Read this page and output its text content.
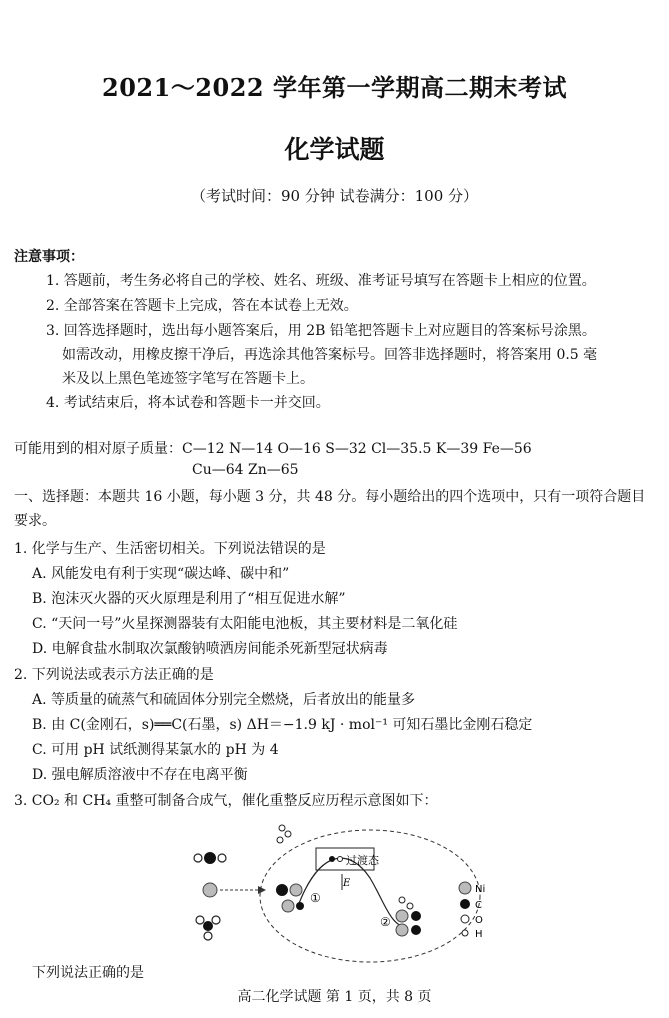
2021～2022 学年第一学期高二期末考试
化学试题
（考试时间：90 分钟 试卷满分：100 分）
注意事项：
1. 答题前，考生务必将自己的学校、姓名、班级、准考证号填写在答题卡上相应的位置。
2. 全部答案在答题卡上完成，答在本试卷上无效。
3. 回答选择题时，选出每小题答案后，用 2B 铅笔把答题卡上对应题目的答案标号涂黑。
如需改动，用橡皮擦干净后，再选涂其他答案标号。回答非选择题时，将答案用 0.5 毫
米及以上黑色笔迹签字笔写在答题卡上。
4. 考试结束后，将本试卷和答题卡一并交回。
可能用到的相对原子质量：C—12 N—14 O—16 S—32 Cl—35.5 K—39 Fe—56
Cu—64 Zn—65
一、选择题：本题共 16 小题，每小题 3 分，共 48 分。每小题给出的四个选项中，只有一项符合题目
要求。
1. 化学与生产、生活密切相关。下列说法错误的是
A. 风能发电有利于实现“碳达峰、碳中和”
B. 泡沫灭火器的灭火原理是利用了“相互促进水解”
C. “天问一号”火星探测器装有太阳能电池板，其主要材料是二氧化硅
D. 电解食盐水制取次氯酸钠喷洒房间能杀死新型冠状病毒
2. 下列说法或表示方法正确的是
A. 等质量的硫蒸气和硫固体分别完全燃烧，后者放出的能量多
B. 由 C(金刚石，s)══C(石墨，s) ΔH＝−1.9 kJ · mol⁻¹ 可知石墨比金刚石稳定
C. 可用 pH 试纸测得某氯水的 pH 为 4
D. 强电解质溶液中不存在电离平衡
3. CO₂ 和 CH₄ 重整可制备合成气，催化重整反应历程示意图如下：
过渡态
E
①
②
Ni
C
O
H
下列说法正确的是
高二化学试题 第 1 页，共 8 页
